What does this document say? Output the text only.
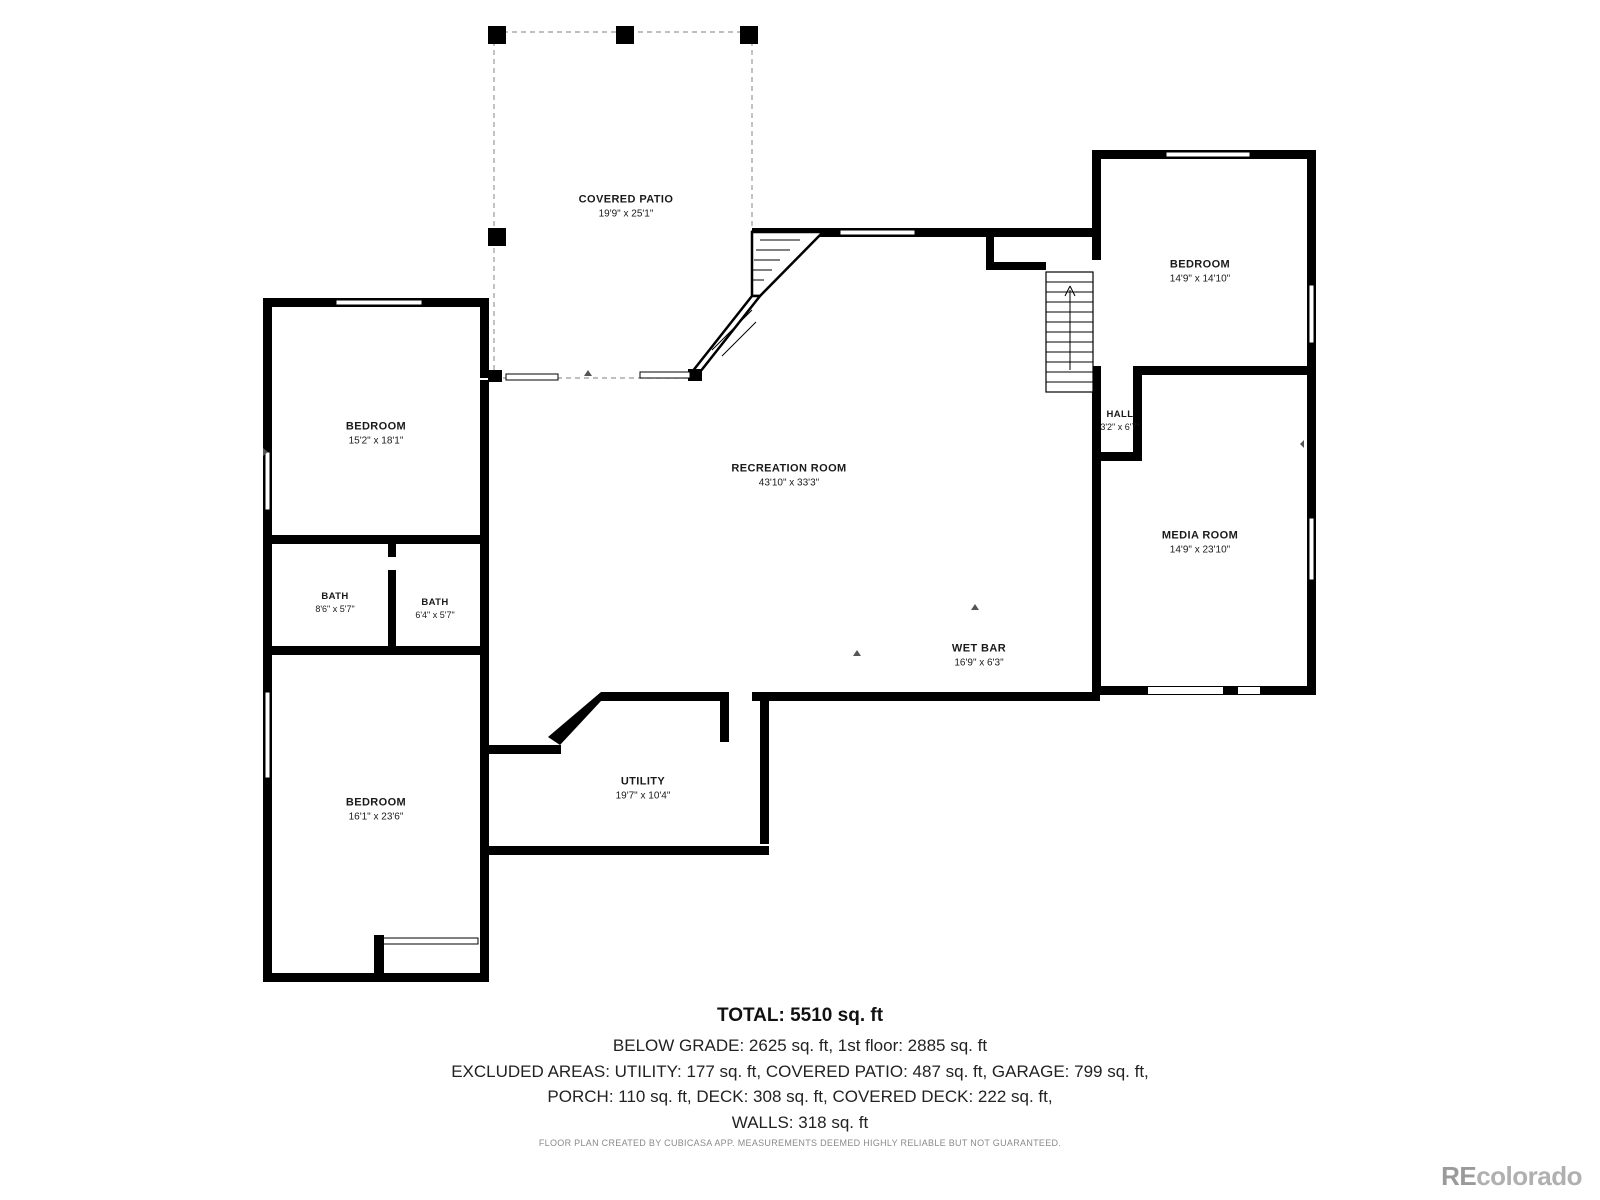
COVERED PATIO
19'9" x 25'1"
BEDROOM
14'9" x 14'10"
BEDROOM
15'2" x 18'1"
HALL
3'2" x 6'7"
RECREATION ROOM
43'10" x 33'3"
MEDIA ROOM
14'9" x 23'10"
BATH
8'6" x 5'7"
BATH
6'4" x 5'7"
WET BAR
16'9" x 6'3"
UTILITY
19'7" x 10'4"
BEDROOM
16'1" x 23'6"
TOTAL: 5510 sq. ft
BELOW GRADE: 2625 sq. ft, 1st floor: 2885 sq. ft
EXCLUDED AREAS: UTILITY: 177 sq. ft, COVERED PATIO: 487 sq. ft, GARAGE: 799 sq. ft,
PORCH: 110 sq. ft, DECK: 308 sq. ft, COVERED DECK: 222 sq. ft,
WALLS: 318 sq. ft
FLOOR PLAN CREATED BY CUBICASA APP. MEASUREMENTS DEEMED HIGHLY RELIABLE BUT NOT GUARANTEED.
REcolorado
